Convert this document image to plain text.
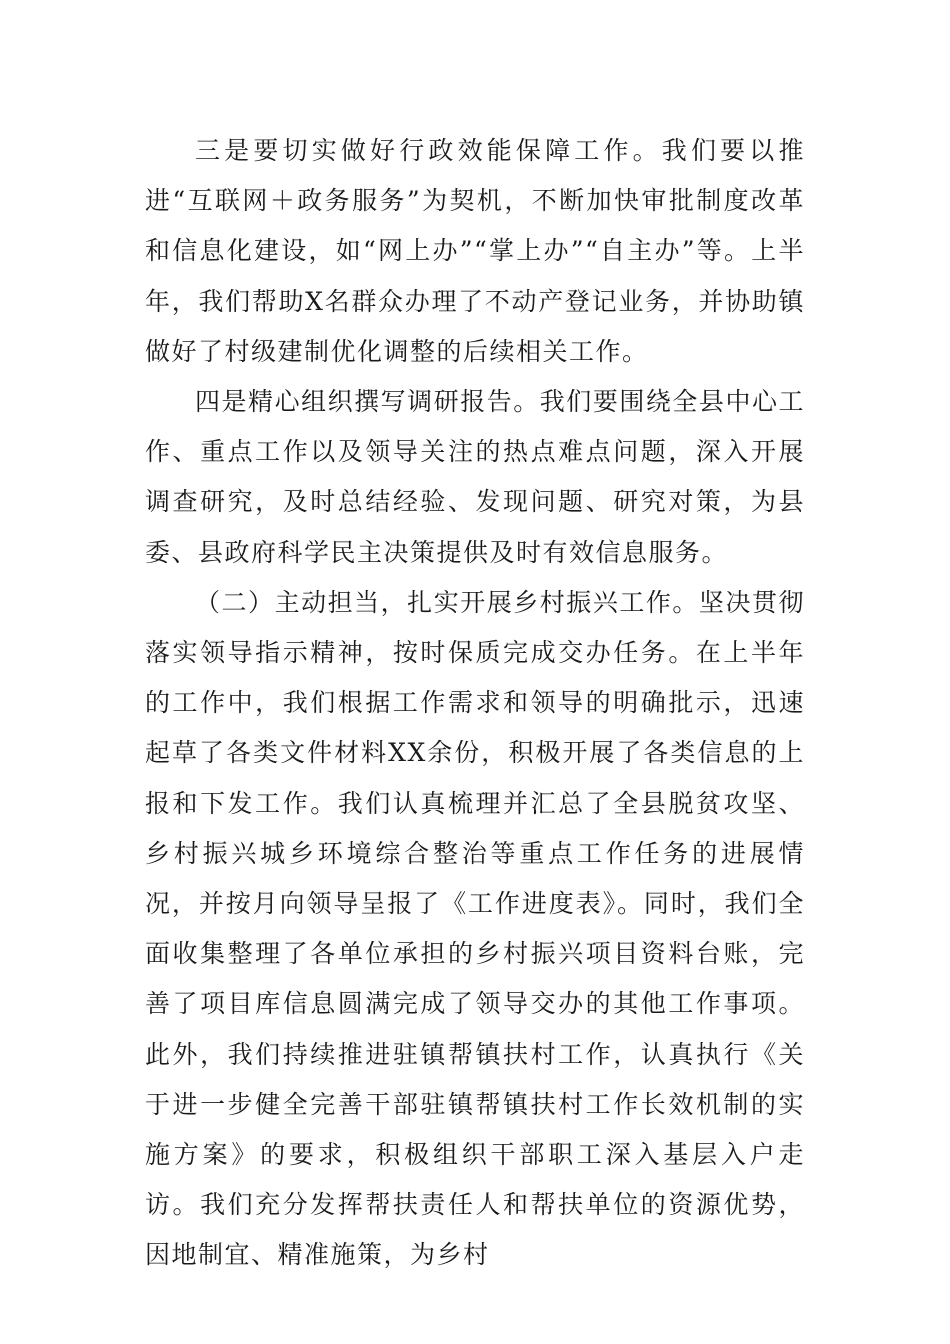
三是要切实做好行政效能保障工作。我们要以推进“互联网＋政务服务”为契机，不断加快审批制度改革和信息化建设，如“网上办”“掌上办”“自主办”等。上半年，我们帮助X名群众办理了不动产登记业务，并协助镇做好了村级建制优化调整的后续相关工作。

四是精心组织撰写调研报告。我们要围绕全县中心工作、重点工作以及领导关注的热点难点问题，深入开展调查研究，及时总结经验、发现问题、研究对策，为县委、县政府科学民主决策提供及时有效信息服务。

（二）主动担当，扎实开展乡村振兴工作。坚决贯彻落实领导指示精神，按时保质完成交办任务。在上半年的工作中，我们根据工作需求和领导的明确批示，迅速起草了各类文件材料XX余份，积极开展了各类信息的上报和下发工作。我们认真梳理并汇总了全县脱贫攻坚、乡村振兴城乡环境综合整治等重点工作任务的进展情况，并按月向领导呈报了《工作进度表》。同时，我们全面收集整理了各单位承担的乡村振兴项目资料台账，完善了项目库信息圆满完成了领导交办的其他工作事项。此外，我们持续推进驻镇帮镇扶村工作，认真执行《关于进一步健全完善干部驻镇帮镇扶村工作长效机制的实施方案》的要求，积极组织干部职工深入基层入户走访。我们充分发挥帮扶责任人和帮扶单位的资源优势，因地制宜、精准施策，为乡村
